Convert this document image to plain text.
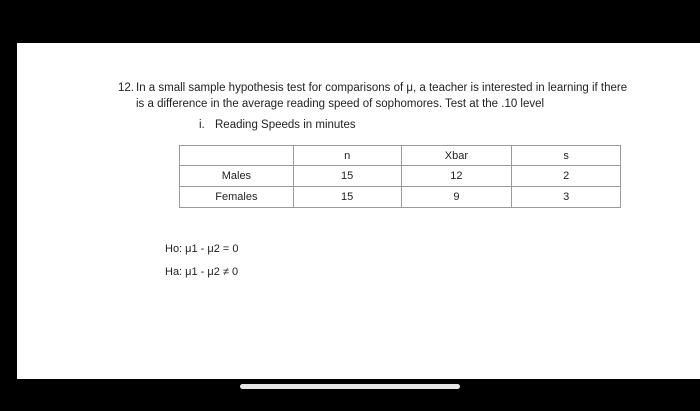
12. In a small sample hypothesis test for comparisons of μ, a teacher is interested in learning if there
is a difference in the average reading speed of sophomores. Test at the .10 level
i. Reading Speeds in minutes
	n	Xbar	s
Males	15	12	2
Females	15	9	3
Ho: μ1 - μ2 = 0
Ha: μ1 - μ2 ≠ 0
